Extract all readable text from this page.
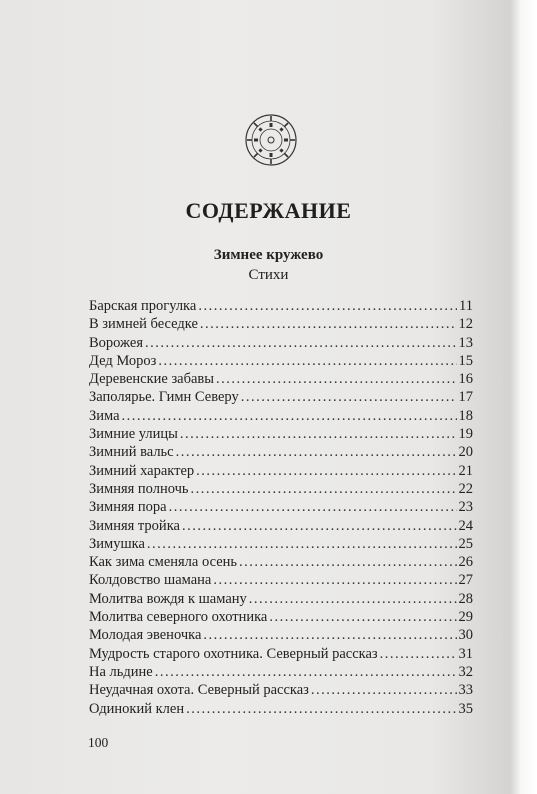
СОДЕРЖАНИЕ
Зимнее кружево
Стихи
Барская прогулка .....	11
В зимней беседке .....	12
Ворожея .....	13
Дед Мороз .....	15
Деревенские забавы .....	16
Заполярье. Гимн Северу .....	17
Зима .....	18
Зимние улицы .....	19
Зимний вальс .....	20
Зимний характер .....	21
Зимняя полночь .....	22
Зимняя пора .....	23
Зимняя тройка .....	24
Зимушка .....	25
Как зима сменяла осень .....	26
Колдовство шамана .....	27
Молитва вождя к шаману .....	28
Молитва северного охотника .....	29
Молодая эвеночка .....	30
Мудрость старого охотника. Северный рассказ .....	31
На льдине .....	32
Неудачная охота. Северный рассказ .....	33
Одинокий клен .....	35
100
